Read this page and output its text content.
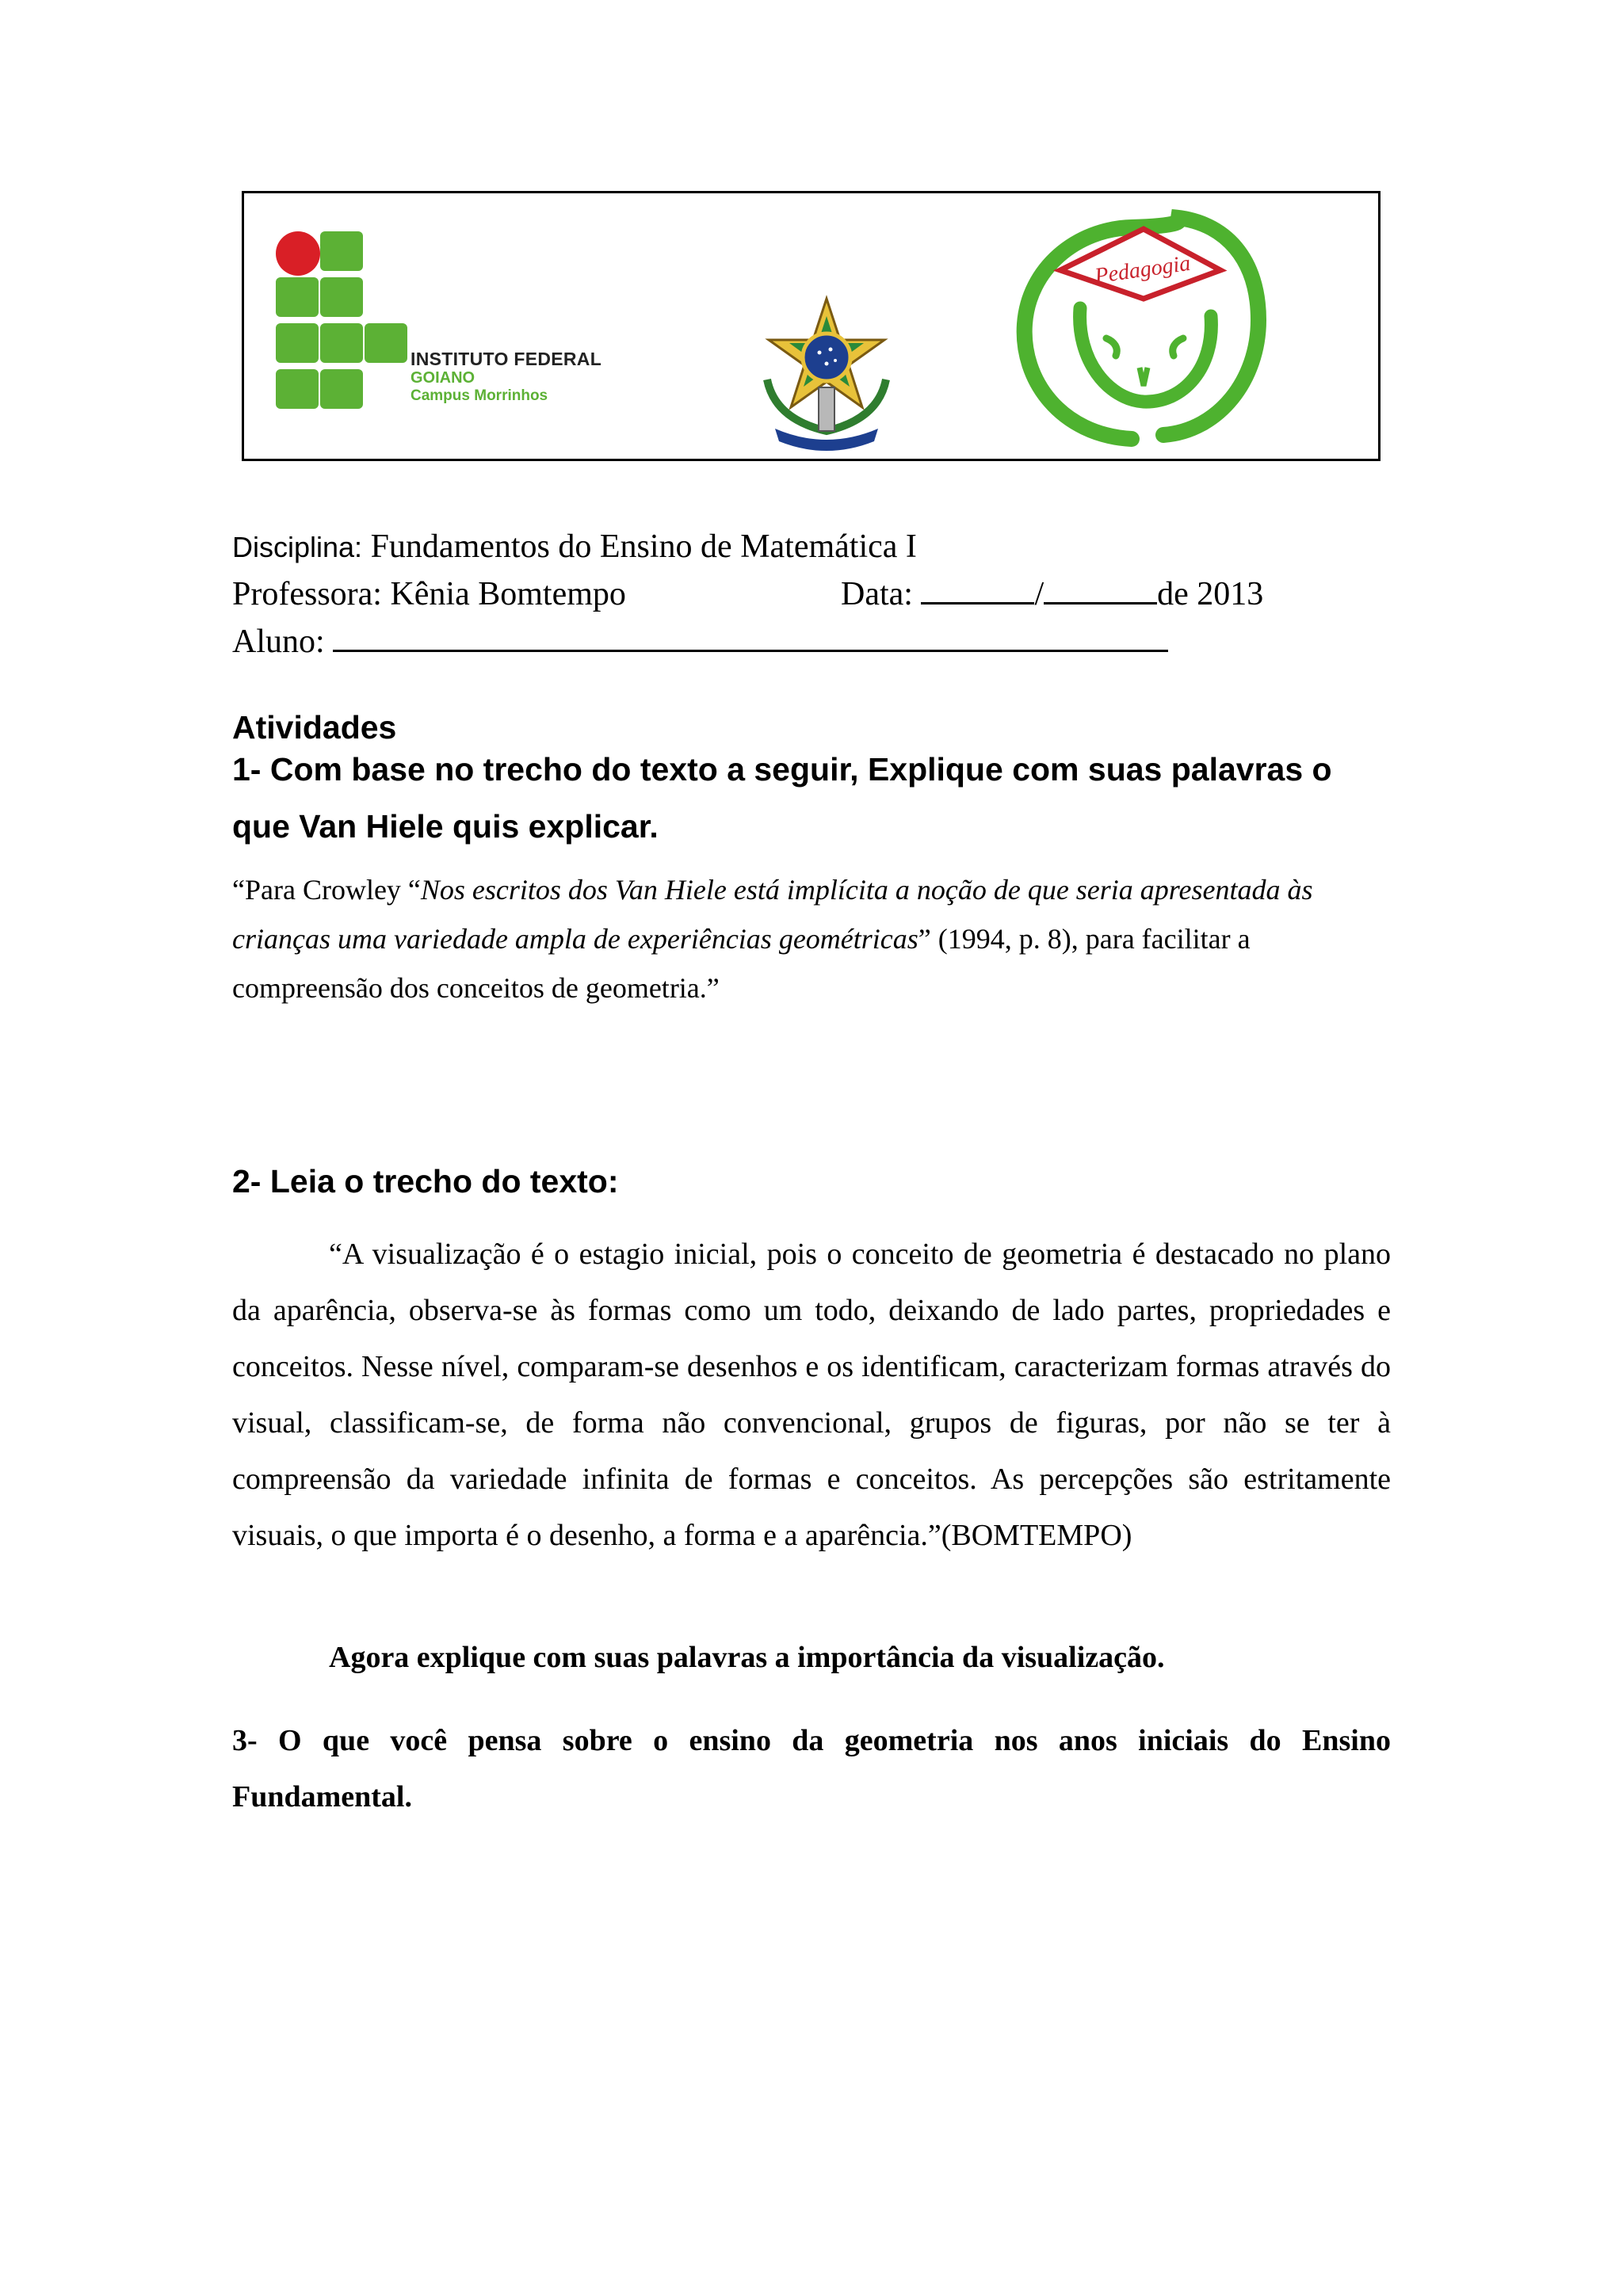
INSTITUTO FEDERAL
GOIANO
Campus Morrinhos
Pedagogia
Disciplina: Fundamentos do Ensino de Matemática I
Professora: Kênia Bomtempo	Data:	/	de 2013
Aluno:
Atividades
1- Com base no trecho do texto a seguir, Explique com suas palavras o
que Van Hiele quis explicar.
“Para Crowley “Nos escritos dos Van Hiele está implícita a noção de que seria apresentada às crianças uma variedade ampla de experiências geométricas” (1994, p. 8), para facilitar a compreensão dos conceitos de geometria.”
2- Leia o trecho do texto:
“A visualização é o estagio inicial, pois o conceito de geometria é destacado no plano da aparência, observa-se às formas como um todo, deixando de lado partes, propriedades e conceitos. Nesse nível, comparam-se desenhos e os identificam, caracterizam formas através do visual, classificam-se, de forma não convencional, grupos de figuras, por não se ter à compreensão da variedade infinita de formas e conceitos. As percepções são estritamente visuais, o que importa é o desenho, a forma e a aparência.”(BOMTEMPO)
Agora explique com suas palavras a importância da visualização.
3- O que você pensa sobre o ensino da geometria nos anos iniciais do Ensino Fundamental.
